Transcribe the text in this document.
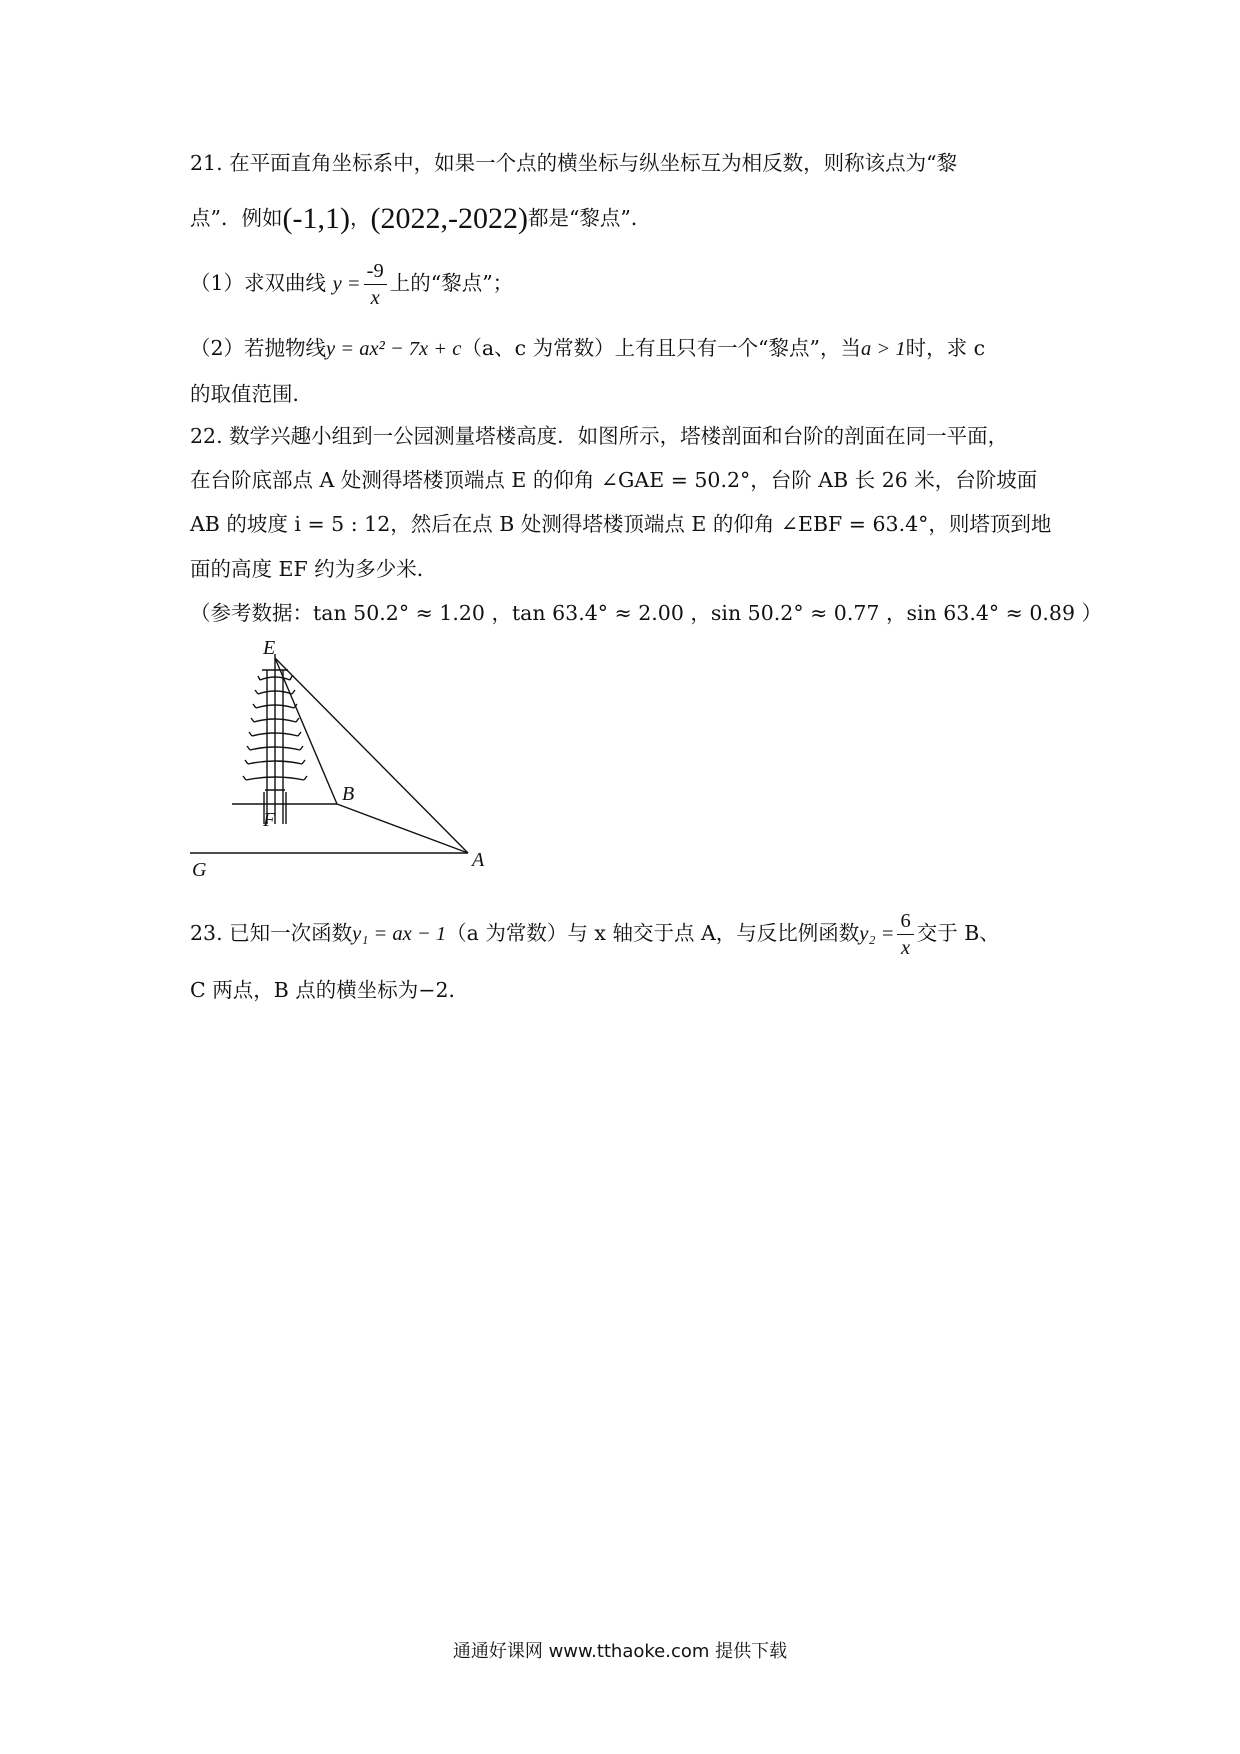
21. 在平面直角坐标系中，如果一个点的横坐标与纵坐标互为相反数，则称该点为“黎
点”．例如(-1,1)，(2022,-2022)都是“黎点”．
（1）求双曲线 $y = \frac{-9}{x}$ 上的“黎点”；
（2）若抛物线y = ax² − 7x + c（a、c 为常数）上有且只有一个“黎点”，当a > 1时，求 c
的取值范围．
22. 数学兴趣小组到一公园测量塔楼高度．如图所示，塔楼剖面和台阶的剖面在同一平面，
在台阶底部点 A 处测得塔楼顶端点 E 的仰角 ∠GAE = 50.2°，台阶 AB 长 26 米，台阶坡面
AB 的坡度 i = 5 : 12，然后在点 B 处测得塔楼顶端点 E 的仰角 ∠EBF = 63.4°，则塔顶到地
面的高度 EF 约为多少米．
（参考数据：tan 50.2° ≈ 1.20 ，tan 63.4° ≈ 2.00 ，sin 50.2° ≈ 0.77 ，sin 63.4° ≈ 0.89 ）
E
B
F
A
G
23. 已知一次函数y₁ = ax − 1（a 为常数）与 x 轴交于点 A，与反比例函数$y_2 = \frac{6}{x}$ 交于 B、
C 两点，B 点的横坐标为−2．
通通好课网 www.tthaoke.com 提供下载
